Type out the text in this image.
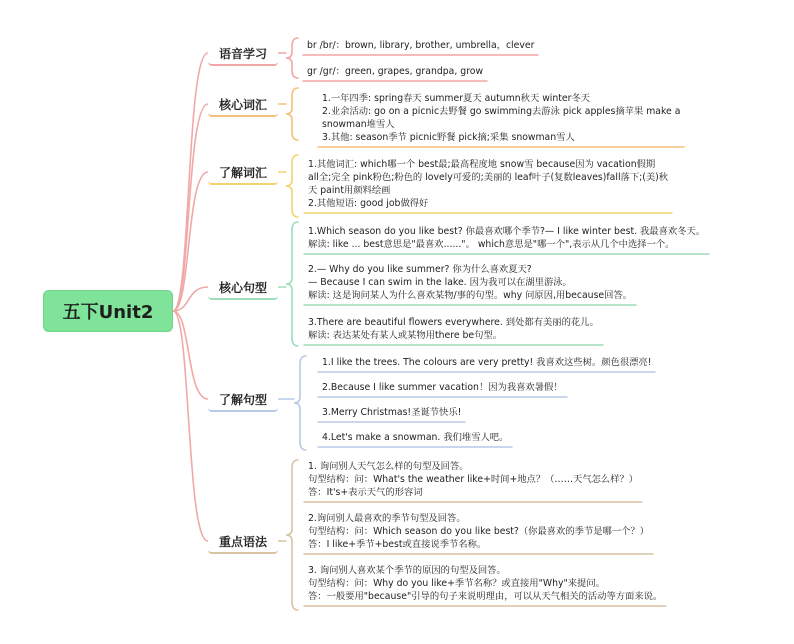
五下Unit2
语音学习
br /br/：brown, library, brother, umbrella，clever
gr /gr/：green, grapes, grandpa, grow
核心词汇	1.一年四季: spring春天 summer夏天 autumn秋天 winter冬天
2.业余活动: go on a picnic去野餐 go swimming去游泳 pick apples摘苹果 make a
snowman堆雪人
3.其他: season季节 picnic野餐 pick摘;采集 snowman雪人
了解词汇
1.其他词汇: which哪一个 best最;最高程度地 snow雪 because因为 vacation假期
all全;完全 pink粉色;粉色的 lovely可爱的;美丽的 leaf叶子(复数leaves)fall落下;(美)秋
天 paint用颜料绘画
2.其他短语: good job做得好
核心句型
1.Which season do you like best? 你最喜欢哪个季节?— I like winter best. 我最喜欢冬天。
解读: like ... best意思是"最喜欢......"。 which意思是"哪一个",表示从几个中选择一个。
2.— Why do you like summer? 你为什么喜欢夏天?
— Because I can swim in the lake. 因为我可以在湖里游泳。
解读: 这是询问某人为什么喜欢某物/事的句型。why 问原因,用because回答。
3.There are beautiful flowers everywhere. 到处都有美丽的花儿。
解读: 表达某处有某人或某物用there be句型。
了解句型
1.I like the trees. The colours are very pretty! 我喜欢这些树。颜色很漂亮!
2.Because I like summer vacation！因为我喜欢暑假！
3.Merry Christmas!圣诞节快乐!
4.Let's make a snowman. 我们堆雪人吧。
重点语法
1. 询问别人天气怎么样的句型及回答。
句型结构：问：What's the weather like+时间+地点？（……天气怎么样？）
答：It's+表示天气的形容词
2.询问别人最喜欢的季节句型及回答。
句型结构：问：Which season do you like best?（你最喜欢的季节是哪一个？）
答：I like+季节+best或直接说季节名称。
3. 询问别人喜欢某个季节的原因的句型及回答。
句型结构：问：Why do you like+季节名称？或直接用"Why"来提问。
答：一般要用"because"引导的句子来说明理由，可以从天气相关的活动等方面来说。
